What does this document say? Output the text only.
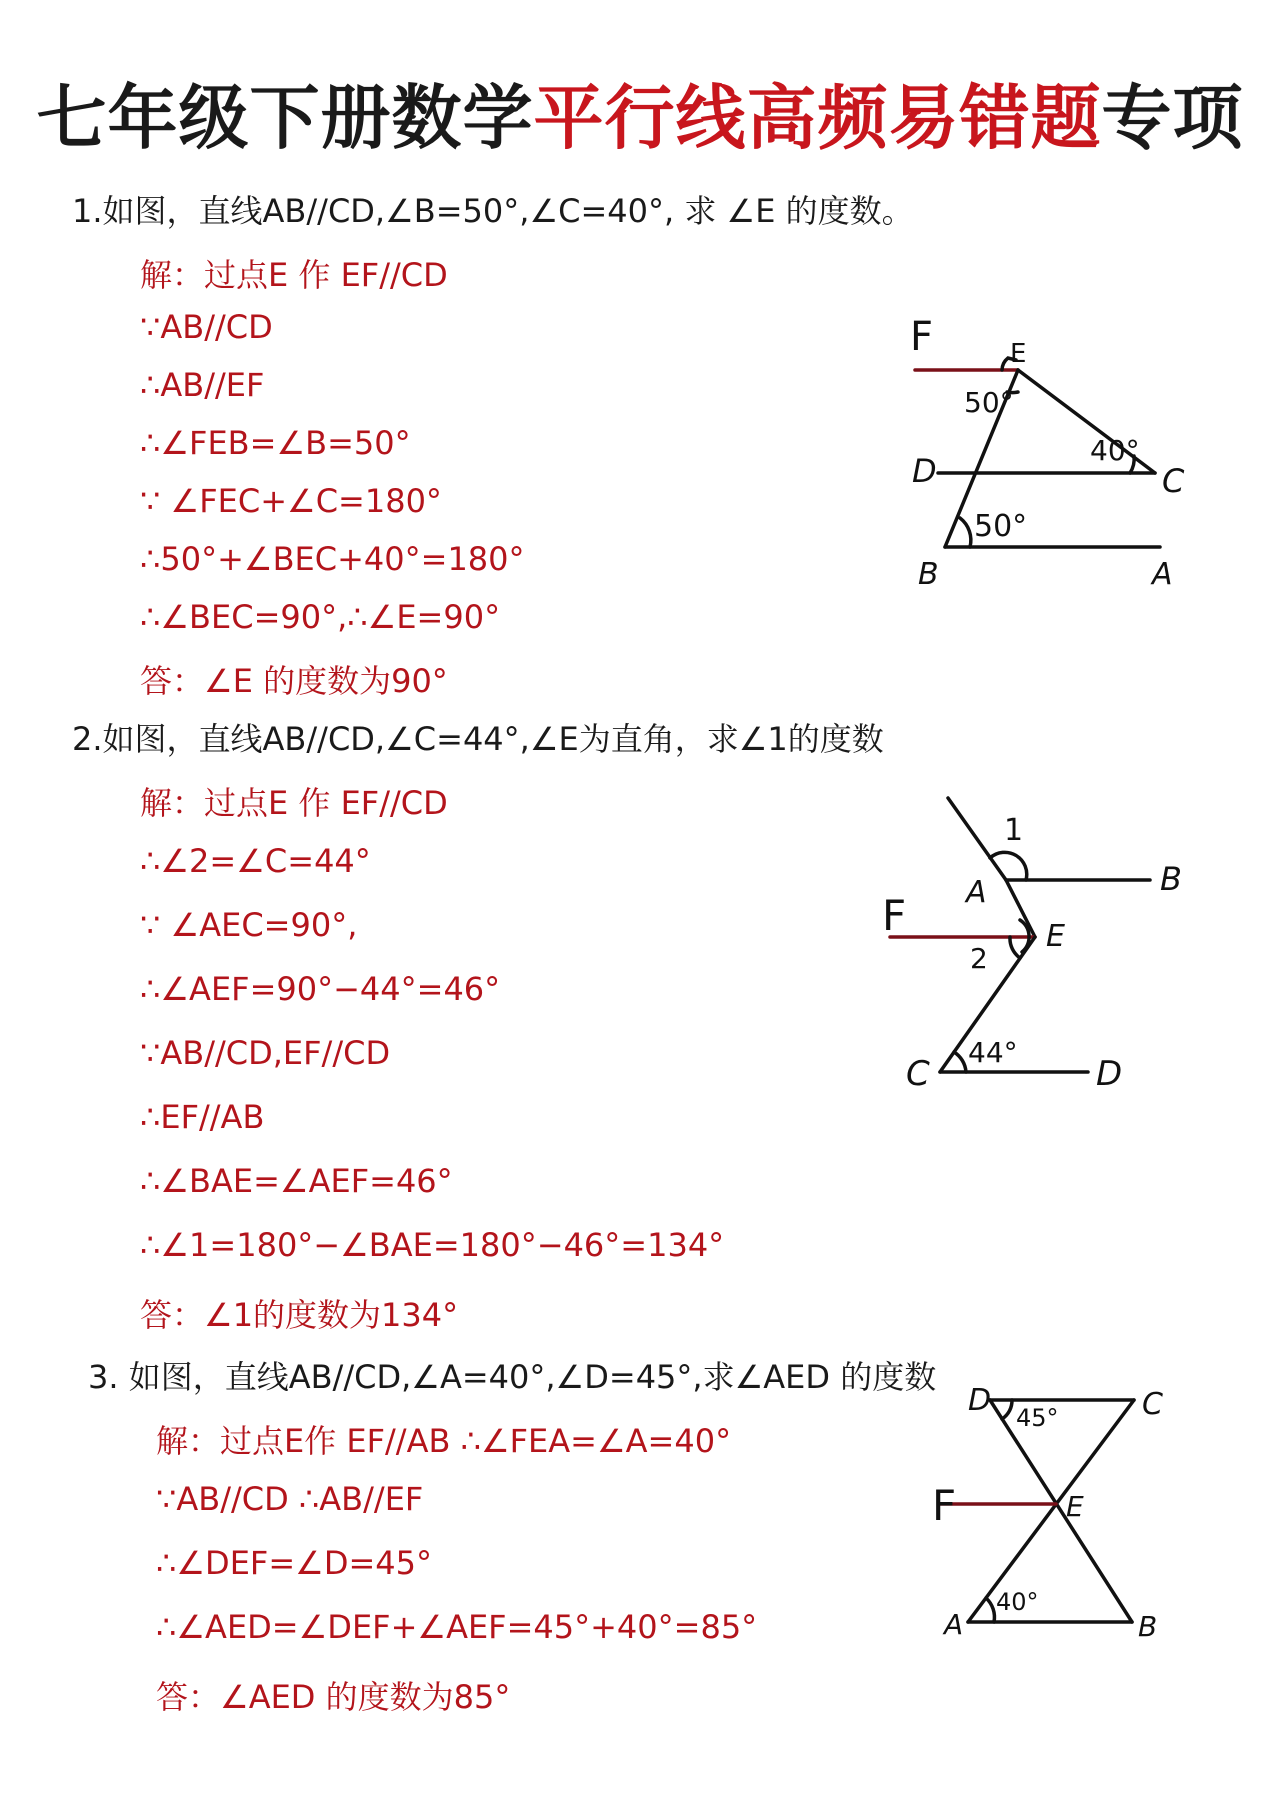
七年级下册数学平行线高频易错题专项
1.如图，直线AB//CD,∠B=50°,∠C=40°, 求 ∠E 的度数。
解：过点E 作 EF//CD
∵AB//CD
∴AB//EF
∴∠FEB=∠B=50°
∵ ∠FEC+∠C=180°
∴50°+∠BEC+40°=180°
∴∠BEC=90°,∴∠E=90°
答：∠E 的度数为90°
F	E
D	C
B	A
50°
40°
50°
2.如图，直线AB//CD,∠C=44°,∠E为直角，求∠1的度数
解：过点E 作 EF//CD
∴∠2=∠C=44°
∵ ∠AEC=90°,
∴∠AEF=90°−44°=46°
∵AB//CD,EF//CD
∴EF//AB
∴∠BAE=∠AEF=46°
∴∠1=180°−∠BAE=180°−46°=134°
答：∠1的度数为134°
1
A	B
F	E
2
44°
C	D
3. 如图，直线AB//CD,∠A=40°,∠D=45°,求∠AED 的度数
解：过点E作 EF//AB ∴∠FEA=∠A=40°
∵AB//CD ∴AB//EF
∴∠DEF=∠D=45°
∴∠AED=∠DEF+∠AEF=45°+40°=85°
答：∠AED 的度数为85°
D	C
45°
F	E
40°
A	B
